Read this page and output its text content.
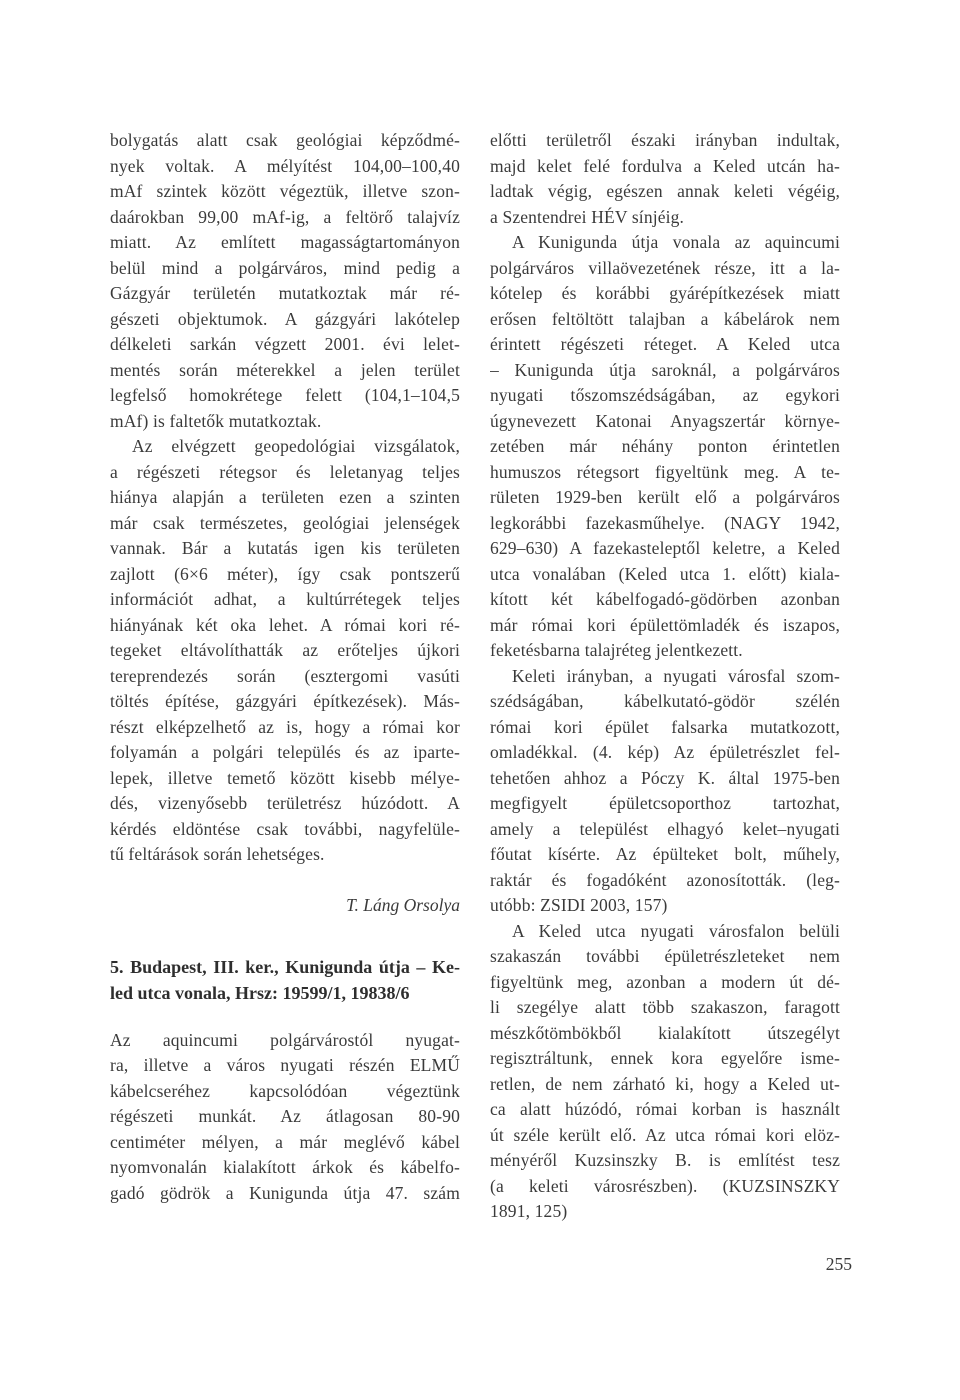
bolygatás alatt csak geológiai képződmé-
nyek voltak. A mélyítést 104,00–100,40
mAf szintek között végeztük, illetve szon-
daárokban 99,00 mAf-ig, a feltörő talajvíz
miatt. Az említett magasságtartományon
belül mind a polgárváros, mind pedig a
Gázgyár területén mutatkoztak már ré-
gészeti objektumok. A gázgyári lakótelep
délkeleti sarkán végzett 2001. évi lelet-
mentés során méterekkel a jelen terület
legfelső homokrétege felett (104,1–104,5
mAf) is faltetők mutatkoztak.
Az elvégzett geopedológiai vizsgálatok,
a régészeti rétegsor és leletanyag teljes
hiánya alapján a területen ezen a szinten
már csak természetes, geológiai jelenségek
vannak. Bár a kutatás igen kis területen
zajlott (6×6 méter), így csak pontszerű
információt adhat, a kultúrrétegek teljes
hiányának két oka lehet. A római kori ré-
tegeket eltávolíthatták az erőteljes újkori
tereprendezés során (esztergomi vasúti
töltés építése, gázgyári építkezések). Más-
részt elképzelhető az is, hogy a római kor
folyamán a polgári település és az iparte-
lepek, illetve temető között kisebb mélye-
dés, vizenyősebb területrész húzódott. A
kérdés eldöntése csak további, nagyfelüle-
tű feltárások során lehetséges.
T. Láng Orsolya
5. Budapest, III. ker., Kunigunda útja – Ke-
led utca vonala, Hrsz: 19599/1, 19838/6
Az aquincumi polgárvárostól nyugat-
ra, illetve a város nyugati részén ELMŰ
kábelcseréhez kapcsolódóan végeztünk
régészeti munkát. Az átlagosan 80-90
centiméter mélyen, a már meglévő kábel
nyomvonalán kialakított árkok és kábelfo-
gadó gödrök a Kunigunda útja 47. szám
előtti területről északi irányban indultak,
majd kelet felé fordulva a Keled utcán ha-
ladtak végig, egészen annak keleti végéig,
a Szentendrei HÉV sínjéig.
A Kunigunda útja vonala az aquincumi
polgárváros villaövezetének része, itt a la-
kótelep és korábbi gyárépítkezések miatt
erősen feltöltött talajban a kábelárok nem
érintett régészeti réteget. A Keled utca
– Kunigunda útja saroknál, a polgárváros
nyugati tőszomszédságában, az egykori
úgynevezett Katonai Anyagszertár környe-
zetében már néhány ponton érintetlen
humuszos rétegsort figyeltünk meg. A te-
rületen 1929-ben került elő a polgárváros
legkorábbi fazekasműhelye. (NAGY 1942,
629–630) A fazekasteleptől keletre, a Keled
utca vonalában (Keled utca 1. előtt) kiala-
kított két kábelfogadó-gödörben azonban
már római kori épülettömladék és iszapos,
feketésbarna talajréteg jelentkezett.
Keleti irányban, a nyugati városfal szom-
szédságában, kábelkutató-gödör szélén
római kori épület falsarka mutatkozott,
omladékkal. (4. kép) Az épületrészlet fel-
tehetően ahhoz a Póczy K. által 1975-ben
megfigyelt épületcsoporthoz tartozhat,
amely a települést elhagyó kelet–nyugati
főutat kísérte. Az épülteket bolt, műhely,
raktár és fogadóként azonosították. (leg-
utóbb: ZSIDI 2003, 157)
A Keled utca nyugati városfalon belüli
szakaszán további épületrészleteket nem
figyeltünk meg, azonban a modern út dé-
li szegélye alatt több szakaszon, faragott
mészkőtömbökből kialakított útszegélyt
regisztráltunk, ennek kora egyelőre isme-
retlen, de nem zárható ki, hogy a Keled ut-
ca alatt húzódó, római korban is használt
út széle került elő. Az utca római kori elöz-
ményéről Kuzsinszky B. is említést tesz
(a keleti városrészben). (KUZSINSZKY
1891, 125)
255
